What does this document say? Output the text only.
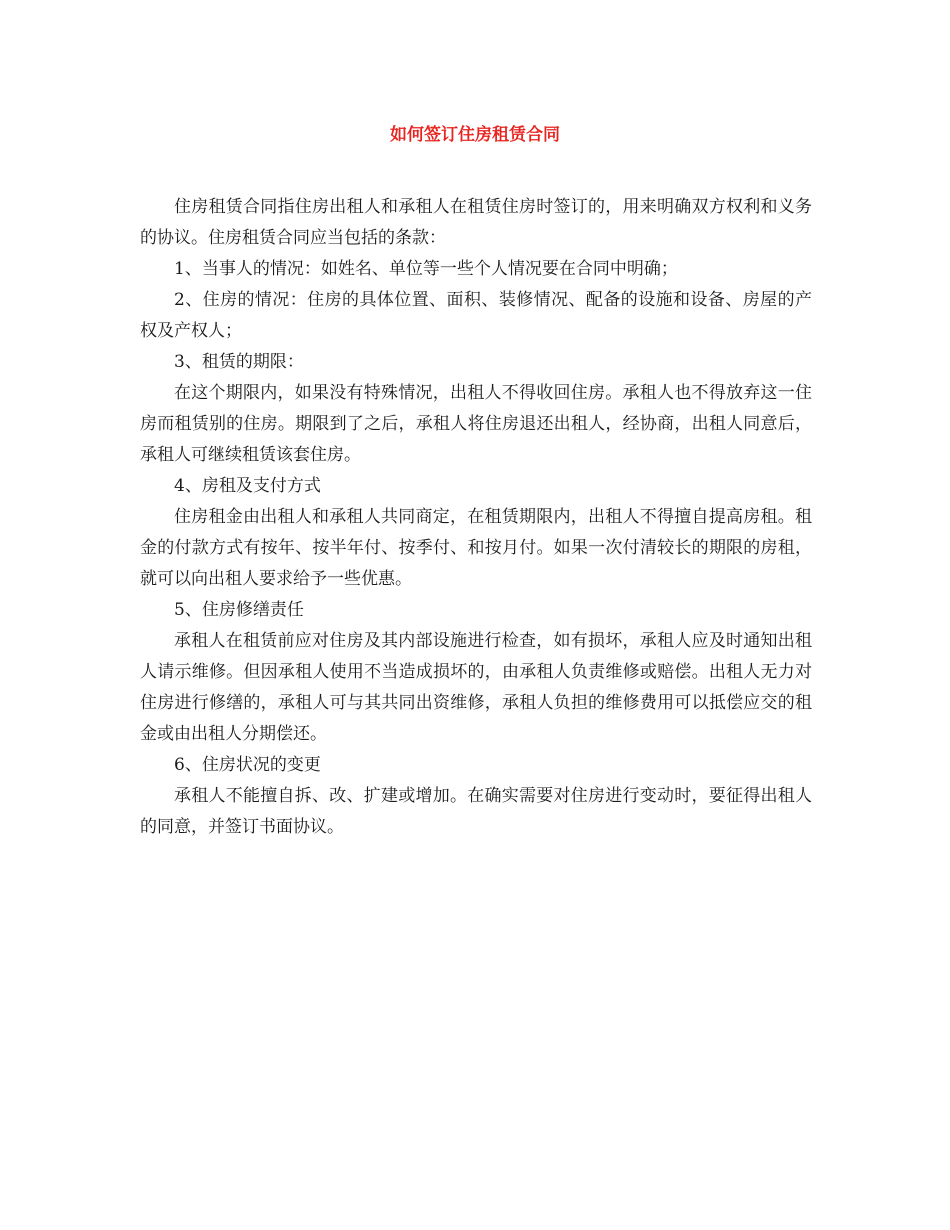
如何签订住房租赁合同

住房租赁合同指住房出租人和承租人在租赁住房时签订的，用来明确双方权利和义务的协议。住房租赁合同应当包括的条款：

1、当事人的情况：如姓名、单位等一些个人情况要在合同中明确；

2、住房的情况：住房的具体位置、面积、装修情况、配备的设施和设备、房屋的产权及产权人；

3、租赁的期限：

在这个期限内，如果没有特殊情况，出租人不得收回住房。承租人也不得放弃这一住房而租赁别的住房。期限到了之后，承租人将住房退还出租人，经协商，出租人同意后，承租人可继续租赁该套住房。

4、房租及支付方式

住房租金由出租人和承租人共同商定，在租赁期限内，出租人不得擅自提高房租。租金的付款方式有按年、按半年付、按季付、和按月付。如果一次付清较长的期限的房租，就可以向出租人要求给予一些优惠。

5、住房修缮责任

承租人在租赁前应对住房及其内部设施进行检查，如有损坏，承租人应及时通知出租人请示维修。但因承租人使用不当造成损坏的，由承租人负责维修或赔偿。出租人无力对住房进行修缮的，承租人可与其共同出资维修，承租人负担的维修费用可以抵偿应交的租金或由出租人分期偿还。

6、住房状况的变更

承租人不能擅自拆、改、扩建或增加。在确实需要对住房进行变动时，要征得出租人的同意，并签订书面协议。
